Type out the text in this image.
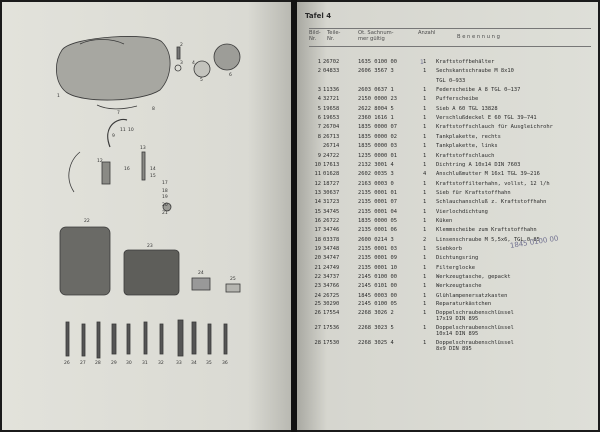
1
2
3 4
5
6
7
8
9
10
11
12
13
14
15
16
17
18
19
20
21
22
23
24
25
26 27 28 29 30 31 32	33 34 35 36
Tafel 4
Bild-
Nr.
Teile-
Nr.
Ot. Sachnum-
mer gültig
Anzahl
B e n e n n u n g
1
1 26702	1635 0100 00	1 Kraftstoffbehälter
2 04833	2606 3567 3	1 Sechskantschraube M 8x10
TGL 0–933
3 11336	2603 0637 1	1 Federscheibe A 8 TGL 0–137
4 32721	2150 0000 23	1 Pufferscheibe
5 19658	2622 8004 5	1 Sieb A 60 TGL 13828
6 19653	2360 1616 1	1 Verschlußdeckel E 60 TGL 39–741
7 26704	1835 0000 07	1 Kraftstoffschlauch für Ausgleichrohr
8 26713	1835 0000 02	1 Tankplakette, rechts
26714	1835 0000 03	1 Tankplakette, links
9 24722	1235 0000 01	1 Kraftstoffschlauch
10 17613	2132 3001 4	1 Dichtring A 10x14 DIN 7603
11 01628	2602 0035 3	4 Anschlußmutter M 16x1 TGL 39–216
12 18727	2163 0003 0	1 Kraftstoffilterhahn, vollst, 12 l/h
13 30637	2135 0001 01	1 Sieb für Kraftstoffhahn
14 31723	2135 0001 07	1 Schlauchanschluß z. Kraftstoffhahn
15 34745	2135 0001 04	1 Vierlochdichtung
16 26722	1835 0000 05	1 Küken
17 34746	2135 0001 06	1 Klemmscheibe zum Kraftstoffhahn
18 03378	2600 0214 3	2 Linsenschraube M 5,5x6, TGL 0–85
19 34748	2135 0001 03	1 Siebkorb
20 34747	2135 0001 09	1 Dichtungsring
21 24749	2135 0001 10	1 Filterglocke
22 34737	2145 0100 00	1 Werkzeugtasche, gepackt
23 34766	2145 0101 00	1 Werkzeugtasche
24 26725	1845 0003 00	1 Glühlampenersatzkasten
25 30290	2145 0100 05	1 Reparaturkästchen
26 17554	2268 3026 2	1 Doppelschraubenschlüssel
17x19 DIN 895
27 17536	2268 3023 5	1 Doppelschraubenschlüssel
10x14 DIN 895
28 17530	2268 3025 4	1 Doppelschraubenschlüssel
8x9 DIN 895
1845 0100 00
